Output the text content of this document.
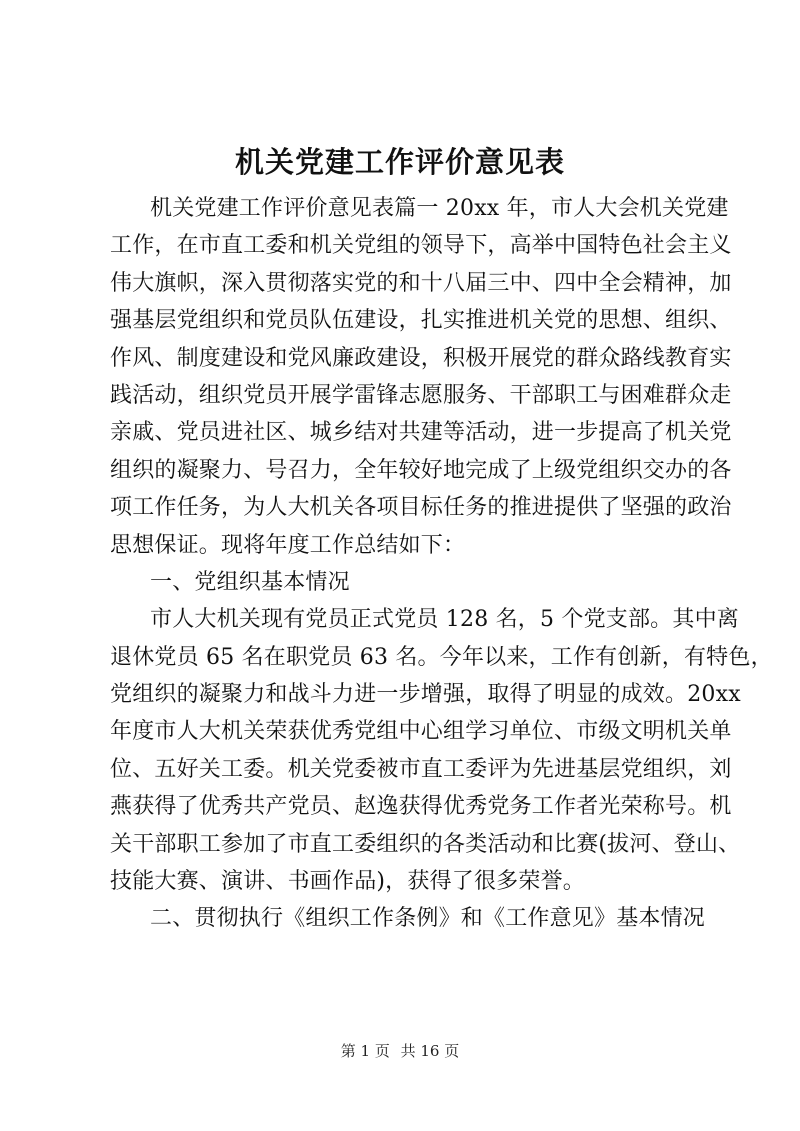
机关党建工作评价意见表
机关党建工作评价意见表篇一 20xx 年，市人大会机关党建
工作，在市直工委和机关党组的领导下，高举中国特色社会主义
伟大旗帜，深入贯彻落实党的和十八届三中、四中全会精神，加
强基层党组织和党员队伍建设，扎实推进机关党的思想、组织、
作风、制度建设和党风廉政建设，积极开展党的群众路线教育实
践活动，组织党员开展学雷锋志愿服务、干部职工与困难群众走
亲戚、党员进社区、城乡结对共建等活动，进一步提高了机关党
组织的凝聚力、号召力，全年较好地完成了上级党组织交办的各
项工作任务，为人大机关各项目标任务的推进提供了坚强的政治
思想保证。现将年度工作总结如下：
一、党组织基本情况
市人大机关现有党员正式党员 128 名，5 个党支部。其中离
退休党员 65 名在职党员 63 名。今年以来，工作有创新，有特色，
党组织的凝聚力和战斗力进一步增强，取得了明显的成效。20xx
年度市人大机关荣获优秀党组中心组学习单位、市级文明机关单
位、五好关工委。机关党委被市直工委评为先进基层党组织，刘
燕获得了优秀共产党员、赵逸获得优秀党务工作者光荣称号。机
关干部职工参加了市直工委组织的各类活动和比赛(拔河、登山、
技能大赛、演讲、书画作品)，获得了很多荣誉。
二、贯彻执行《组织工作条例》和《工作意见》基本情况
第 1 页 共 16 页
